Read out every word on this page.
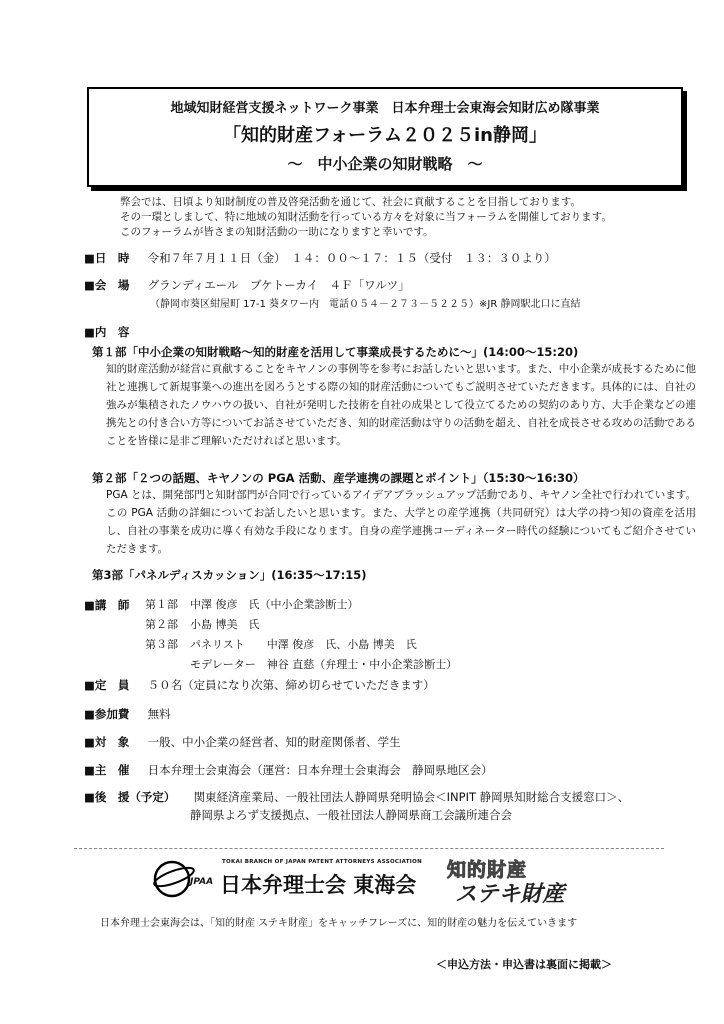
地域知財経営支援ネットワーク事業　日本弁理士会東海会知財広め隊事業
「知的財産フォーラム２０２５in静岡」
～　中小企業の知財戦略　～

弊会では、日頃より知財制度の普及啓発活動を通じて、社会に貢献することを目指しております。

その一環としまして、特に地域の知財活動を行っている方々を対象に当フォーラムを開催しております。

このフォーラムが皆さまの知財活動の一助になりますと幸いです。

■日　時 令和７年７月１１日（金）　１４：００～１７：１５（受付　１３：３０より）
■会　場 グランディエール　ブケトーカイ　４Ｆ「ワルツ」
（静岡市葵区紺屋町 17-1 葵タワー内　電話０５４－２７３－５２２５）※JR 静岡駅北口に直結
■内　容
第１部「中小企業の知財戦略～知的財産を活用して事業成長するために～」(14:00～15:20)

知的財産活動が経営に貢献することをキヤノンの事例等を参考にお話したいと思います。また、中小企業が成長するために他社と連携して新規事業への進出を図ろうとする際の知的財産活動についてもご説明させていただきます。具体的には、自社の強みが集積されたノウハウの扱い、自社が発明した技術を自社の成果として役立てるための契約のあり方、大手企業などの連携先との付き合い方等についてお話させていただき、知的財産活動は守りの活動を超え、自社を成長させる攻めの活動であることを皆様に是非ご理解いただければと思います。

第２部「２つの話題、キヤノンの PGA 活動、産学連携の課題とポイント」（15:30～16:30）

PGA とは、開発部門と知財部門が合同で行っているアイデアブラッシュアップ活動であり、キヤノン全社で行われています。この PGA 活動の詳細についてお話したいと思います。また、大学との産学連携（共同研究）は大学の持つ知の資産を活用し、自社の事業を成功に導く有効な手段になります。自身の産学連携コーディネーター時代の経験についてもご紹介させていただきます。

第3部「パネルディスカッション」(16:35～17:15)
■講　師	第１部	中澤 俊彦　氏（中小企業診断士）
第２部	小島 博美　氏
第３部	パネリスト　　中澤 俊彦　氏、小島 博美　氏
モデレーター　神谷 直慈（弁理士・中小企業診断士）
■定　員 ５０名（定員になり次第、締め切らせていただきます）
■参加費 無料
■対　象 一般、中小企業の経営者、知的財産関係者、学生
■主　催 日本弁理士会東海会（運営：日本弁理士会東海会　静岡県地区会）
■後　援（予定） 関東経済産業局、一般社団法人静岡県発明協会＜INPIT 静岡県知財総合支援窓口＞、
静岡県よろず支援拠点、一般社団法人静岡県商工会議所連合会
JPAA
TOKAI BRANCH OF JAPAN PATENT ATTORNEYS ASSOCIATION
日本弁理士会 東海会
知的財産
ステキ財産
日本弁理士会東海会は、「知的財産 ステキ財産」をキャッチフレーズに、知的財産の魅力を伝えていきます
＜申込方法・申込書は裏面に掲載＞
